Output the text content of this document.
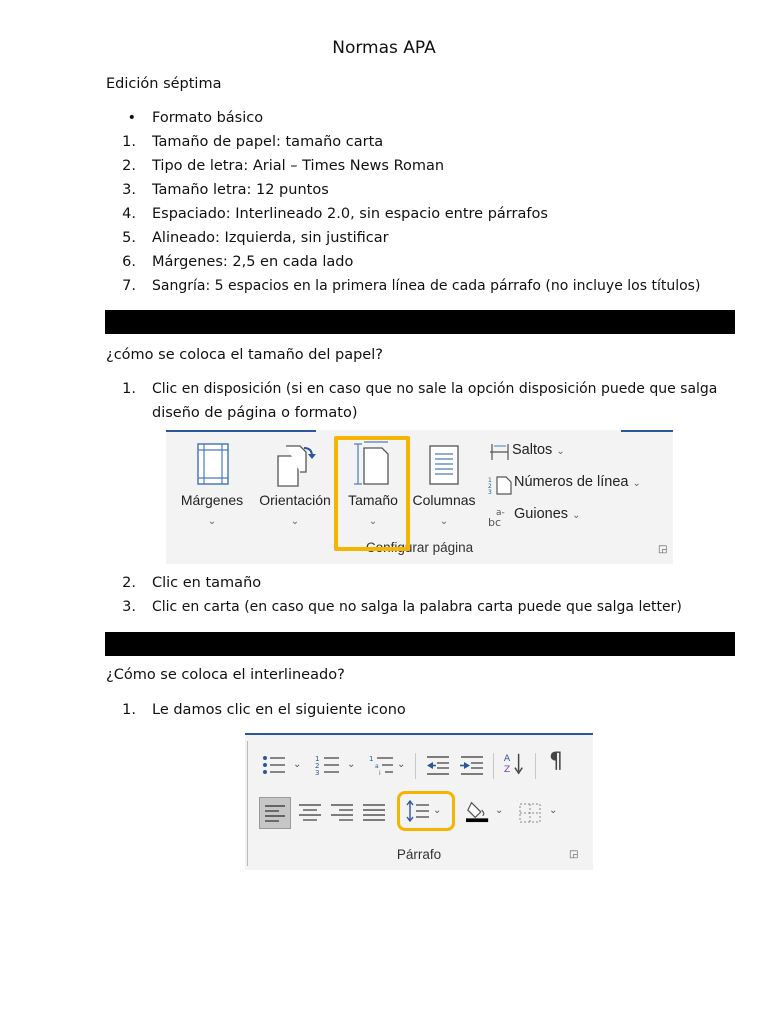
Normas APA
Edición séptima
• Formato básico
1. Tamaño de papel: tamaño carta
2. Tipo de letra: Arial – Times News Roman
3. Tamaño letra: 12 puntos
4. Espaciado: Interlineado 2.0, sin espacio entre párrafos
5. Alineado: Izquierda, sin justificar
6. Márgenes: 2,5 en cada lado
7. Sangría: 5 espacios en la primera línea de cada párrafo (no incluye los títulos)
¿cómo se coloca el tamaño del papel?
1. Clic en disposición (si en caso que no sale la opción disposición puede que salga
diseño de página o formato)
Márgenes
⌄
Orientación
⌄
Tamaño
⌄
Columnas
⌄
Saltos ⌄
1
2
3
Números de línea ⌄
a-
bc
Guiones ⌄
Configurar página	◲
2. Clic en tamaño
3. Clic en carta (en caso que no salga la palabra carta puede que salga letter)
¿Cómo se coloca el interlineado?
1. Le damos clic en el siguiente icono
⌄ 1
2
3
⌄ 1
a
i
⌄
A
Z ¶
⌄	⌄	⌄
Párrafo	◲
